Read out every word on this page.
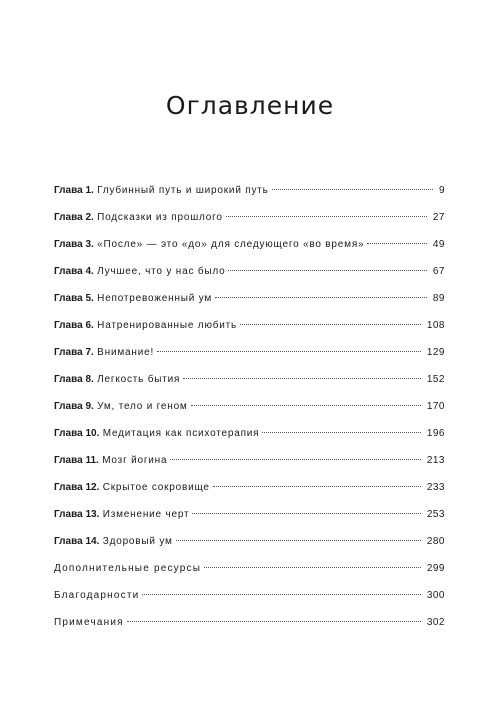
Оглавление
Глава 1. Глубинный путь и широкий путь	9
Глава 2. Подсказки из прошлого	27
Глава 3. «После» — это «до» для следующего «во время»	49
Глава 4. Лучшее, что у нас было	67
Глава 5. Непотревоженный ум	89
Глава 6. Натренированные любить	108
Глава 7. Внимание!	129
Глава 8. Легкость бытия	152
Глава 9. Ум, тело и геном	170
Глава 10. Медитация как психотерапия	196
Глава 11. Мозг йогина	213
Глава 12. Скрытое сокровище	233
Глава 13. Изменение черт	253
Глава 14. Здоровый ум	280
Дополнительные ресурсы	299
Благодарности	300
Примечания	302
